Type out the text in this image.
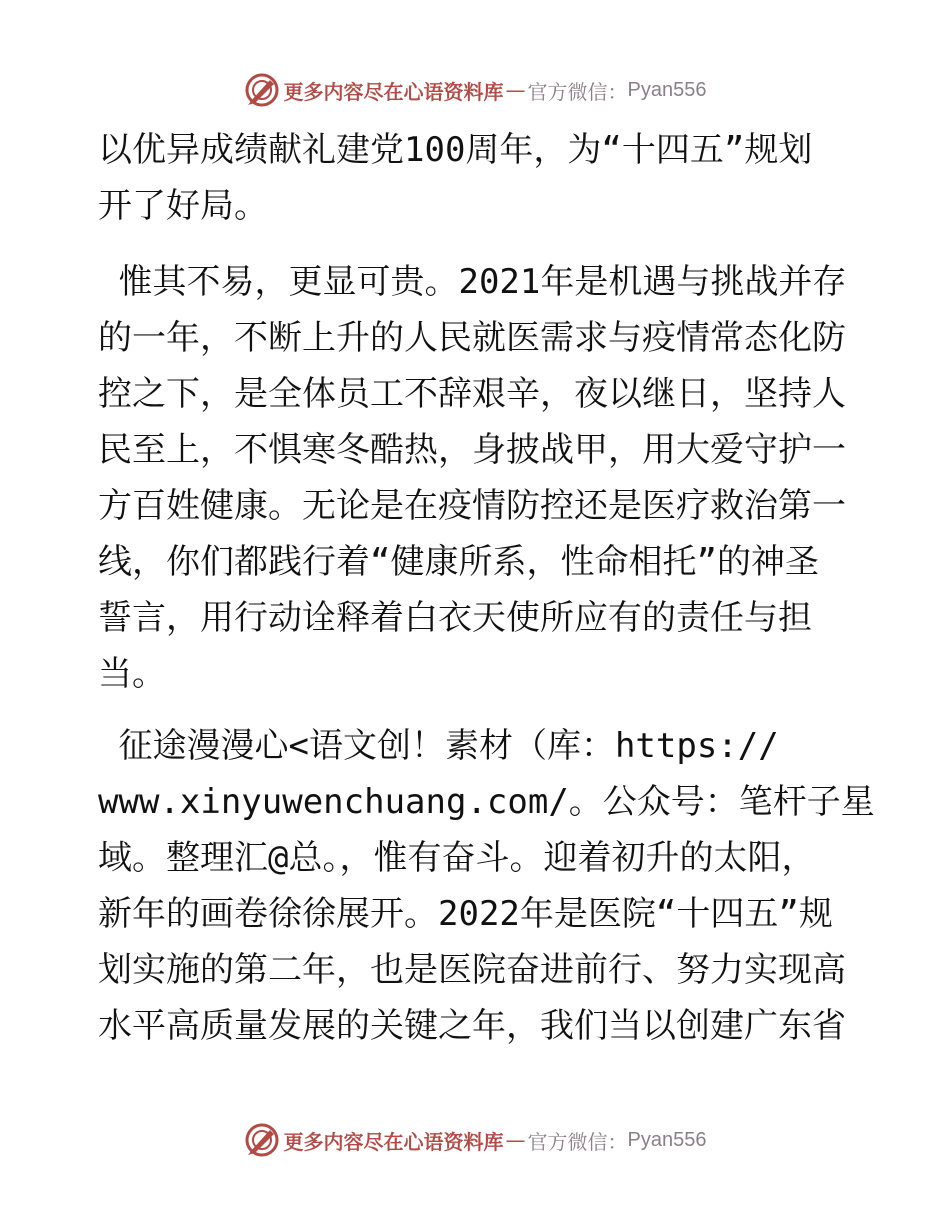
更多内容尽在心语资料库 — 官方微信： Pyan556
以优异成绩献礼建党100周年，为“十四五”规划
开了好局。
惟其不易，更显可贵。2021年是机遇与挑战并存
的一年，不断上升的人民就医需求与疫情常态化防
控之下，是全体员工不辞艰辛，夜以继日，坚持人
民至上，不惧寒冬酷热，身披战甲，用大爱守护一
方百姓健康。无论是在疫情防控还是医疗救治第一
线，你们都践行着“健康所系，性命相托”的神圣
誓言，用行动诠释着白衣天使所应有的责任与担
当。
征途漫漫心<语文创！素材（库：https://
www.xinyuwenchuang.com/。公众号：笔杆子星
域。整理汇@总。，惟有奋斗。迎着初升的太阳，
新年的画卷徐徐展开。2022年是医院“十四五”规
划实施的第二年，也是医院奋进前行、努力实现高
水平高质量发展的关键之年，我们当以创建广东省
更多内容尽在心语资料库 — 官方微信： Pyan556
